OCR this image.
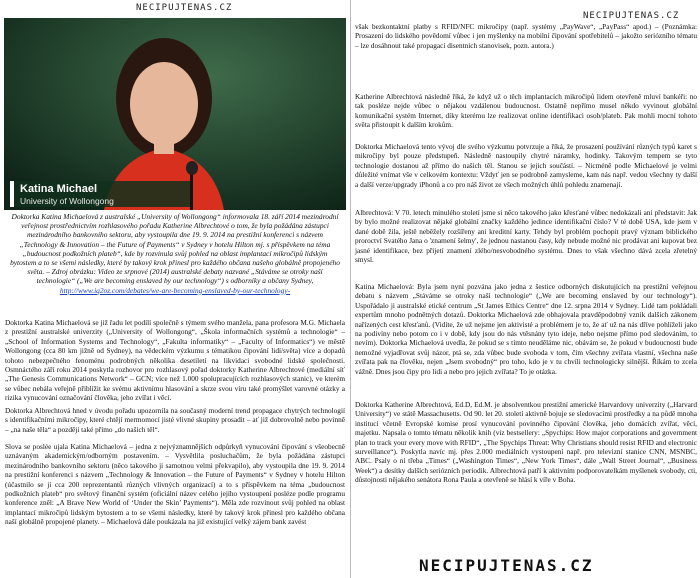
NECIPUJTENAS.CZ
Katina Michael
University of Wollongong
Doktorka Katina Michaelová z australské „University of Wollongong“ informovala 18. září 2014 mezinárodní veřejnost prostřednictvím rozhlasového pořadu Katherine Albrechtové o tom, že byla požádána zástupci mezinárodního bankovního sektoru, aby vystoupila dne 19. 9. 2014 na prestižní konferenci s názvem „Technology & Innovation – the Future of Payments“ v Sydney v hotelu Hilton mj. s příspěvkem na téma „budoucnost podkožních plateb“, kde by rozvinula svůj pohled na oblast implantací mikročipů lidským bytostem a to se všemi následky, které by takový krok přinesl pro každého občana našeho globálně propojeného světa. – Zdroj obrázku: Video ze srpnové (2014) australské debaty nazvané „Stáváme se otroky naší technologie“ („We are becoming enslaved by our technology“) s odborníky a občany Sydney, http://www.iq2oz.com/debates/we-are-becoming-enslaved-by-our-technology-
Doktorka Katina Michaelová se již řadu let podílí společně s týmem svého manžela, pana profesora M.G. Michaela z prestižní australské univerzity („University of Wollongong“, „Škola informačních systémů a technologie“ – „School of Information Systems and Technology“, „Fakulta informatiky“ – „Faculty of Informatics“) ve městě Wollongong (cca 80 km jižně od Sydney), na vědeckém výzkumu s tématikou čipování lidí/světa) více a dopadů tohoto nebezpečného fenoménu podrobných několika desetiletí na likvidaci svobodné lidské společnosti. Osmnáctého září roku 2014 poskytla rozhovor pro rozhlasový pořad doktorky Katherine Albrechtové (mediální síť „The Genesis Communications Network“ – GCN; více než 1.000 spolupracujících rozhlasových stanic), ve kterém se vůbec nebála veřejně přiblížit ke svému aktivnímu hlasování a skrze svou víru také promýšlet varovné otázky a rizika vynucování označování člověka, jeho zvířat i věcí.
Doktorka Albrechtová hned v úvodu pořadu upozornila na současný moderní trend propagace chytrých technologií s identifikačními mikročipy, které chtějí mermomocí jisté vlivné skupiny prosadit – ať již dobrovolně nebo povinně – „na naše těla“ a později také přímo „do našich těl“.
Slova se poslée ujala Katina Michaelová – jedna z nejvýznamnějších odpůrkyň vynucování čipování s všeobecně uznávaným akademickým/odborným postavením. – Vysvětlila posluchačům, že byla požádána zástupci mezinárodního bankovního sektoru (něco takového ji samotnou velmi překvapilo), aby vystoupila dne 19. 9. 2014 na prestižní konferenci s názvem „Technology & Innovation – the Future of Payments“ v Sydney v hotelu Hilton (účastnilo se jí cca 200 reprezentantů různých vlivných organizací) a to s příspěvkem na téma „budoucnost podkožních plateb“ pro světový finanční systém (oficiální název celého jejího vystoupení posléze podle programu konference zněl: „A Brave New World of ‘Under the Skin’ Payments“). Měla zde rozvinout svůj pohled na oblast implantací mikročipů lidským bytostem a to se všemi následky, které by takový krok přinesl pro každého občana naší globálně propojené planety. – Michaelová dále poukázala na již existující velký zájem bank zavést
NECIPUJTENAS.CZ
však bezkontaktní platby s RFID/NFC mikročipy (např. systémy „PayWave“, „PayPass“ apod.) – (Poznámka: Prosazení do lidského povědomí vůbec i jen myšlenky na mobilní čipování spotřebitelů – jakožto seriózního tématu – lze dosáhnout také propagací disentních stanovisek, pozn. autora.)
Katherine Albrechtová následně říká, že když už o těch implantacích mikročipů lidem otevřeně mluví bankéři: no tak posléze nejde vůbec o nějakou vzdálenou budoucnost. Ostatně nepřímo musel někdo vyvinout globální komunikační systém Internet, díky kterému lze realizovat online identifikaci osob/plateb. Pak mohli mocní tohoto světa přistoupit k dalším krokům.
Doktorka Michaelová tento vývoj dle svého výzkumu potvrzuje a říká, že prosazení používání různých typů karet s mikročipy byl pouze předstupeň. Následně nastoupily chytré náramky, hodinky. Takovým tempem se tyto technologie dostanou až přímo do našich těl. Stanou se jejich součástí. – Nicméně podle Michaelové je velmi důležité vnímat vše v celkovém kontextu: Vždyť jen se podrobně zamysleme, kam nás např. vedou všechny ty další a další verze/upgrady iPhonů a co pro náš život ze všech možných úhlů pohledu znamenají.
Albrechtová: V 70. letech minulého století jsme si něco takového jako křesťané vůbec nedokázali ani představit: Jak by bylo možné realizovat nějaké globální značky každého jedince identifikační číslo? V té době USA, kde jsem v dané době žila, ještě neběžely rozšířeny ani kreditní karty. Tehdy byl problém pochopit pravý význam biblického proroctví Svatého Jana o 'znamení šelmy', že jednou nastanou časy, kdy nebude možné nic prodávat ani kupovat bez jasné identifikace, bez přijetí znamení zlého/nesvobodného systému. Dnes to však všechno dává zcela zřetelný smysl.
Katina Michaelová: Byla jsem nyní pozvána jako jedna z šestice odborných diskutujících na prestižní veřejnou debatu s názvem „Stáváme se otroky naší technologie“ („We are becoming enslaved by our technology“). Uspořádalo ji australské etické centrum „St James Ethics Centre“ dne 12. srpna 2014 v Sydney. Lidé tam pokládali expertům mnoho podnětných dotazů. Doktorka Michaelová zde obhajovala pravděpodobný vznik dalších zákonem nařízených cest křesťanů. (Vidíte, že už nejsme jen aktivisté a problémem je to, že ať už na nás dříve pohlíželi jako na podivíny nebo potom co i v době, kdy jsou do nás vtěsnány tyto ideje, nebo nejsme přímo pod sledováním, to nevím). Doktorka Michaelová uvedla, že pokud se s tímto neuděláme nic, obávám se, že pokud v budoucnosti bude nemožné vyjadřovat svůj názor, ptá se, zda vůbec bude svoboda v tom, čím všechny zvířata vlastní, všechna naše zvířata pak na člověku, nejen „Jsem svobodný“ pro toho, kdo je v tu chvíli technologicky silnější. Říkám to zcela vážně. Dnes jsou čipy pro lidi a nebo pro jejich zvířata? To je otázka.
Doktorka Katherine Albrechtová, Ed.D, Ed.M. je absolventkou prestižní americké Harvardovy univerzity („Harvard University“) ve státě Massachusetts. Od 90. let 20. století aktivně bojuje se sledovacími prostředky a na půdě mnoha institucí včetně Evropské komise prosí vynucování povinného čipování člověka, jeho domácích zvířat, věcí, majetku. Napsala o tomto tématu několik knih (viz bestsellery: „Spychips: How major corporations and government plan to track your every move with RFID“, „The Spychips Threat: Why Christians should resist RFID and electronic surveillance“). Poskytla navíc mj. přes 2.000 mediálních vystoupení např. pro televizní stanice CNN, MSNBC, ABC. Psaly o ní třeba „Times“ („Washington Times“, „New York Times“, dále „Wall Street Journal“, „Business Week“) a desítky dalších seriózních periodik. Albrechtová patří k aktivním podporovatelkám myšlenek svobody, cti, důstojnosti nějakého senátora Rona Paula a otevřeně se hlásí k víře v Boha.
NECIPUJTENAS.CZ
